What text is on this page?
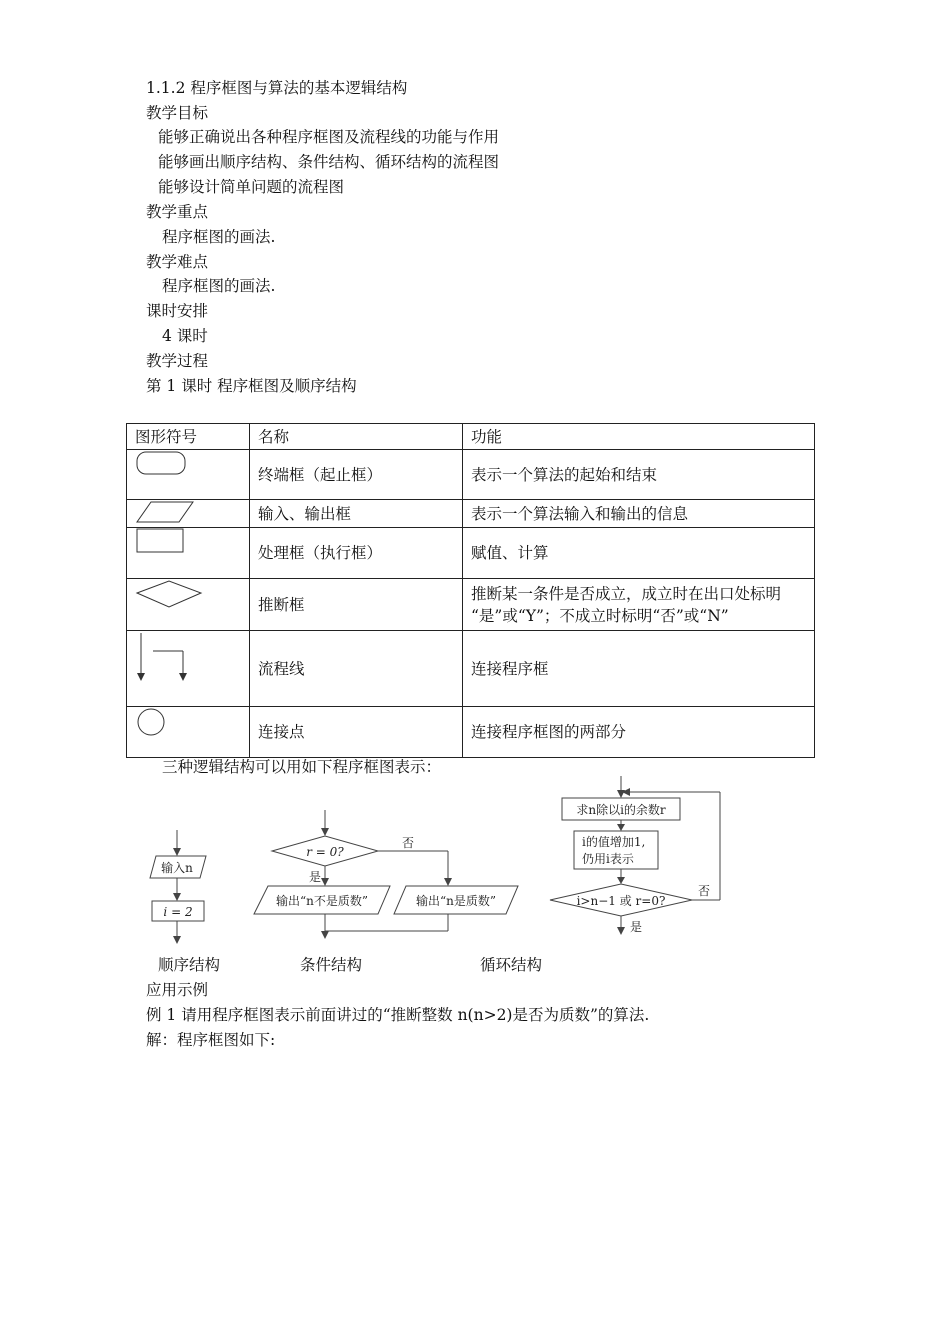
1.1.2 程序框图与算法的基本逻辑结构
教学目标
能够正确说出各种程序框图及流程线的功能与作用
能够画出顺序结构、条件结构、循环结构的流程图
能够设计简单问题的流程图
教学重点
程序框图的画法.
教学难点
程序框图的画法.
课时安排
4 课时
教学过程
第 1 课时 程序框图及顺序结构
图形符号	名称	功能

	终端框（起止框）	表示一个算法的起始和结束

	输入、输出框	表示一个算法输入和输出的信息

	处理框（执行框）	赋值、计算

	推断框	推断某一条件是否成立，成立时在出口处标明
“是”或“Y”；不成立时标明“否”或“N”

	流程线	连接程序框

	连接点	连接程序框图的两部分
三种逻辑结构可以用如下程序框图表示：
输入n
i = 2
r = 0?
否
是
输出“n不是质数”	输出“n是质数”
求n除以i的余数r
i的值增加1,
仍用i表示
i>n−1 或 r=0?
否
是
顺序结构	条件结构	循环结构
应用示例
例 1 请用程序框图表示前面讲过的“推断整数 n(n>2)是否为质数”的算法.
解：程序框图如下:
